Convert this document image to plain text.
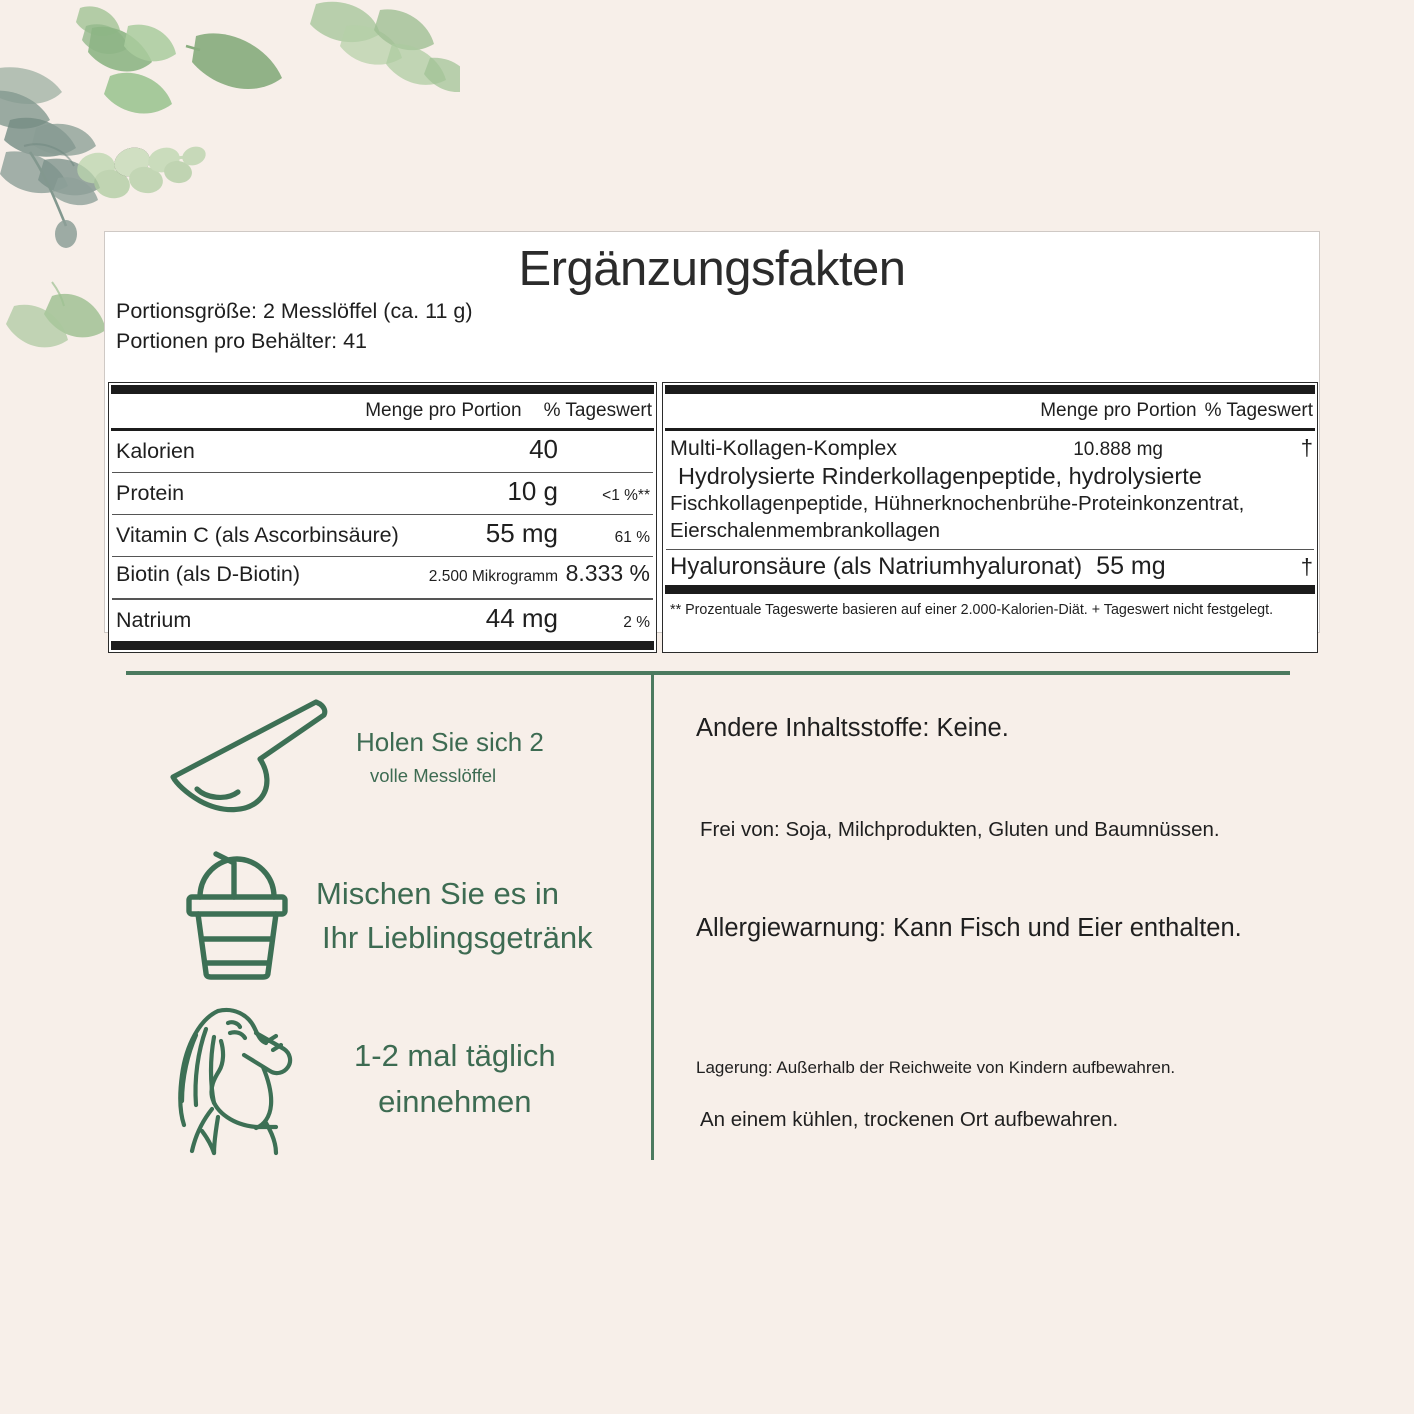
Ergänzungsfakten
Portionsgröße: 2 Messlöffel (ca. 11 g)
Portionen pro Behälter: 41
Menge pro Portion % Tageswert
Kalorien	40
Protein	10 g	<1 %**
Vitamin C (als Ascorbinsäure)	55 mg	61 %
Biotin (als D-Biotin)	2.500 Mikrogramm 8.333 %
Natrium	44 mg	2 %
Menge pro Portion % Tageswert
Multi-Kollagen-Komplex	10.888 mg	†
Hydrolysierte Rinderkollagenpeptide, hydrolysierte
Fischkollagenpeptide, Hühnerknochenbrühe-Proteinkonzentrat,
Eierschalenmembrankollagen
Hyaluronsäure (als Natriumhyaluronat) 55 mg	†
** Prozentuale Tageswerte basieren auf einer 2.000-Kalorien-Diät. + Tageswert nicht festgelegt.
Holen Sie sich 2
volle Messlöffel
Mischen Sie es in
Ihr Lieblingsgetränk
1-2 mal täglich
einnehmen
Andere Inhaltsstoffe: Keine.
Frei von: Soja, Milchprodukten, Gluten und Baumnüssen.
Allergiewarnung: Kann Fisch und Eier enthalten.
Lagerung: Außerhalb der Reichweite von Kindern aufbewahren.
An einem kühlen, trockenen Ort aufbewahren.
